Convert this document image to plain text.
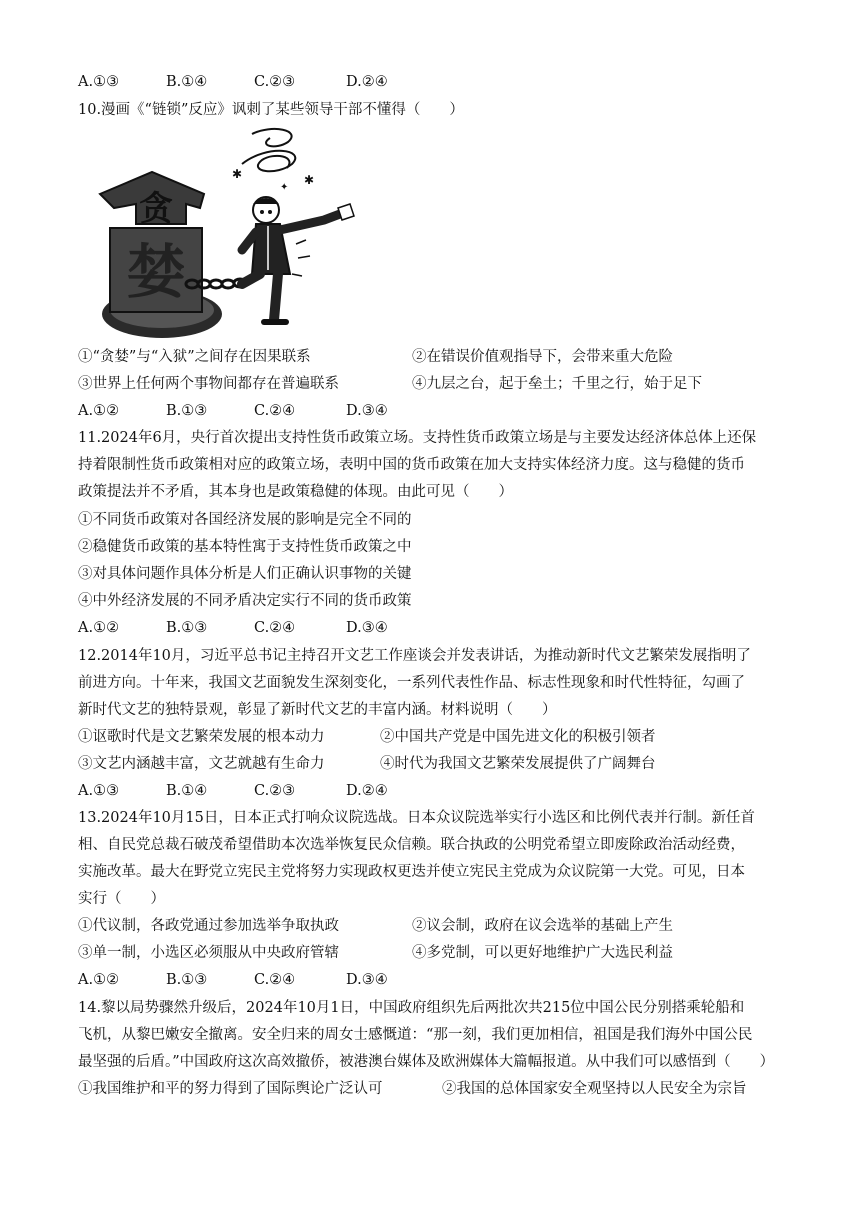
A.①③	B.①④	C.②③	D.②④
10.漫画《“链锁”反应》讽刺了某些领导干部不懂得（　　）
贪
婪
✱	✱
✦
①“贪婪”与“入狱”之间存在因果联系	②在错误价值观指导下，会带来重大危险
③世界上任何两个事物间都存在普遍联系	④九层之台，起于垒土；千里之行，始于足下
A.①②	B.①③	C.②④	D.③④
11.2024年6月，央行首次提出支持性货币政策立场。支持性货币政策立场是与主要发达经济体总体上还保
持着限制性货币政策相对应的政策立场，表明中国的货币政策在加大支持实体经济力度。这与稳健的货币
政策提法并不矛盾，其本身也是政策稳健的体现。由此可见（　　）
①不同货币政策对各国经济发展的影响是完全不同的
②稳健货币政策的基本特性寓于支持性货币政策之中
③对具体问题作具体分析是人们正确认识事物的关键
④中外经济发展的不同矛盾决定实行不同的货币政策
A.①②	B.①③	C.②④	D.③④
12.2014年10月，习近平总书记主持召开文艺工作座谈会并发表讲话，为推动新时代文艺繁荣发展指明了
前进方向。十年来，我国文艺面貌发生深刻变化，一系列代表性作品、标志性现象和时代性特征，勾画了
新时代文艺的独特景观，彰显了新时代文艺的丰富内涵。材料说明（　　）
①讴歌时代是文艺繁荣发展的根本动力	②中国共产党是中国先进文化的积极引领者
③文艺内涵越丰富，文艺就越有生命力	④时代为我国文艺繁荣发展提供了广阔舞台
A.①③	B.①④	C.②③	D.②④
13.2024年10月15日，日本正式打响众议院选战。日本众议院选举实行小选区和比例代表并行制。新任首
相、自民党总裁石破茂希望借助本次选举恢复民众信赖。联合执政的公明党希望立即废除政治活动经费，
实施改革。最大在野党立宪民主党将努力实现政权更迭并使立宪民主党成为众议院第一大党。可见，日本
实行（　　）
①代议制，各政党通过参加选举争取执政	②议会制，政府在议会选举的基础上产生
③单一制，小选区必须服从中央政府管辖	④多党制，可以更好地维护广大选民利益
A.①②	B.①③	C.②④	D.③④
14.黎以局势骤然升级后，2024年10月1日，中国政府组织先后两批次共215位中国公民分别搭乘轮船和
飞机，从黎巴嫩安全撤离。安全归来的周女士感慨道：“那一刻，我们更加相信，祖国是我们海外中国公民
最坚强的后盾。”中国政府这次高效撤侨，被港澳台媒体及欧洲媒体大篇幅报道。从中我们可以感悟到（　　）
①我国维护和平的努力得到了国际舆论广泛认可	②我国的总体国家安全观坚持以人民安全为宗旨
